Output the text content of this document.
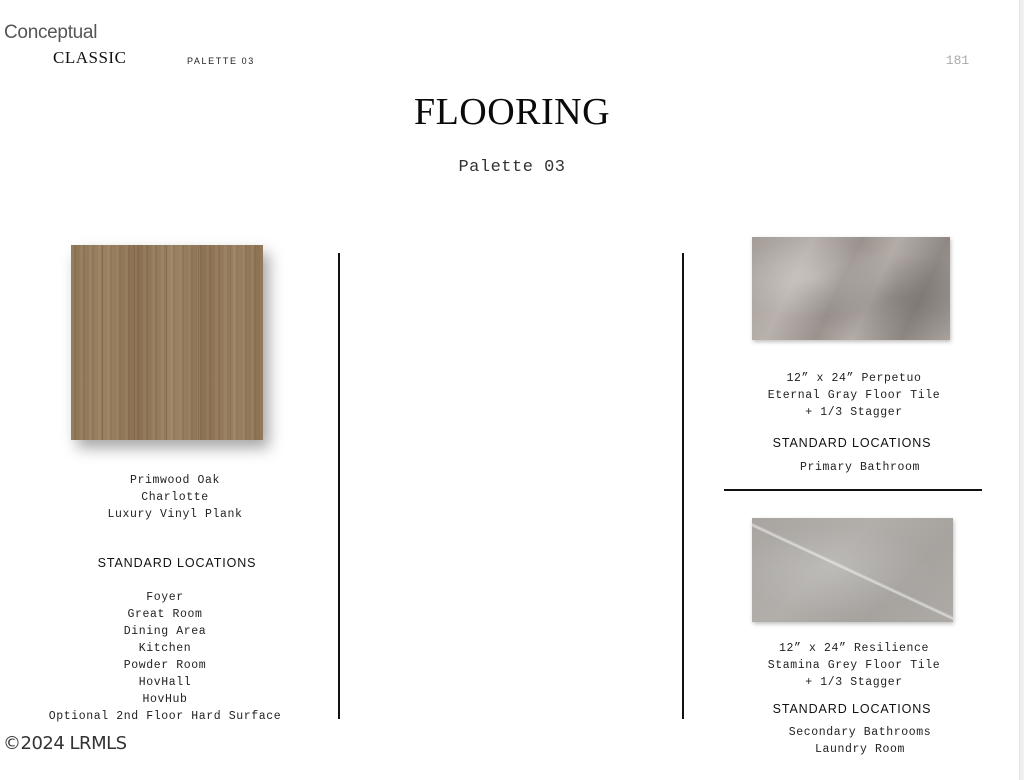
Conceptual
CLASSIC	PALETTE 03	181
FLOORING
Palette 03
Primwood Oak
Charlotte
Luxury Vinyl Plank
STANDARD LOCATIONS
Foyer
Great Room
Dining Area
Kitchen
Powder Room
HovHall
HovHub
Optional 2nd Floor Hard Surface
12” x 24” Perpetuo
Eternal Gray Floor Tile
+ 1/3 Stagger
STANDARD LOCATIONS
Primary Bathroom
12” x 24” Resilience
Stamina Grey Floor Tile
+ 1/3 Stagger
STANDARD LOCATIONS
Secondary Bathrooms
Laundry Room
©2024 LRMLS
